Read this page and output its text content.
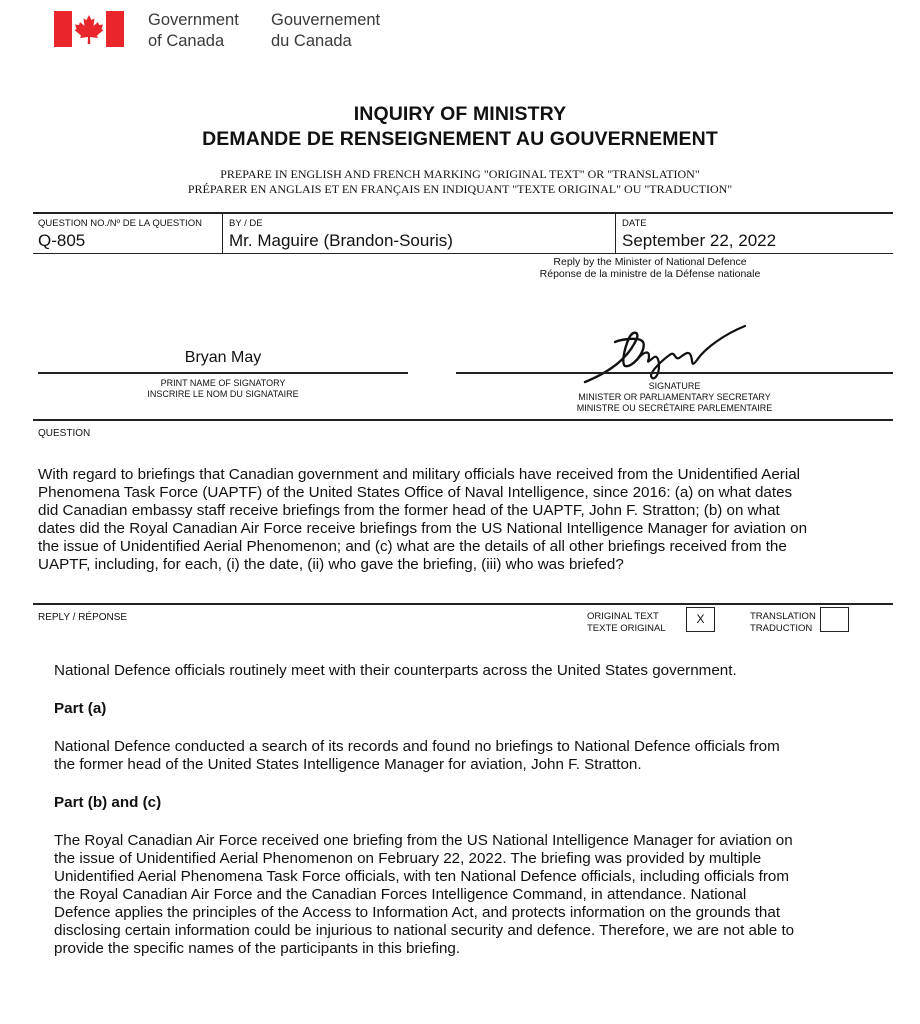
Government
of Canada
Gouvernement
du Canada
INQUIRY OF MINISTRY
DEMANDE DE RENSEIGNEMENT AU GOUVERNEMENT
PREPARE IN ENGLISH AND FRENCH MARKING "ORIGINAL TEXT" OR "TRANSLATION"
PRÉPARER EN ANGLAIS ET EN FRANÇAIS EN INDIQUANT "TEXTE ORIGINAL" OU "TRADUCTION"
QUESTION NO./Nº DE LA QUESTION
Q-805
BY / DE
Mr. Maguire (Brandon-Souris)
DATE
September 22, 2022
Reply by the Minister of National Defence
Réponse de la ministre de la Défense nationale
Bryan May
PRINT NAME OF SIGNATORY
INSCRIRE LE NOM DU SIGNATAIRE
SIGNATURE
MINISTER OR PARLIAMENTARY SECRETARY
MINISTRE OU SECRÉTAIRE PARLEMENTAIRE
QUESTION
With regard to briefings that Canadian government and military officials have received from the Unidentified Aerial
Phenomena Task Force (UAPTF) of the United States Office of Naval Intelligence, since 2016: (a) on what dates
did Canadian embassy staff receive briefings from the former head of the UAPTF, John F. Stratton; (b) on what
dates did the Royal Canadian Air Force receive briefings from the US National Intelligence Manager for aviation on
the issue of Unidentified Aerial Phenomenon; and (c) what are the details of all other briefings received from the
UAPTF, including, for each, (i) the date, (ii) who gave the briefing, (iii) who was briefed?
REPLY / RÉPONSE	ORIGINAL TEXT
TEXTE ORIGINAL
X	TRANSLATION
TRADUCTION
National Defence officials routinely meet with their counterparts across the United States government.
Part (a)
National Defence conducted a search of its records and found no briefings to National Defence officials from
the former head of the United States Intelligence Manager for aviation, John F. Stratton.
Part (b) and (c)
The Royal Canadian Air Force received one briefing from the US National Intelligence Manager for aviation on
the issue of Unidentified Aerial Phenomenon on February 22, 2022. The briefing was provided by multiple
Unidentified Aerial Phenomena Task Force officials, with ten National Defence officials, including officials from
the Royal Canadian Air Force and the Canadian Forces Intelligence Command, in attendance. National
Defence applies the principles of the Access to Information Act, and protects information on the grounds that
disclosing certain information could be injurious to national security and defence. Therefore, we are not able to
provide the specific names of the participants in this briefing.
